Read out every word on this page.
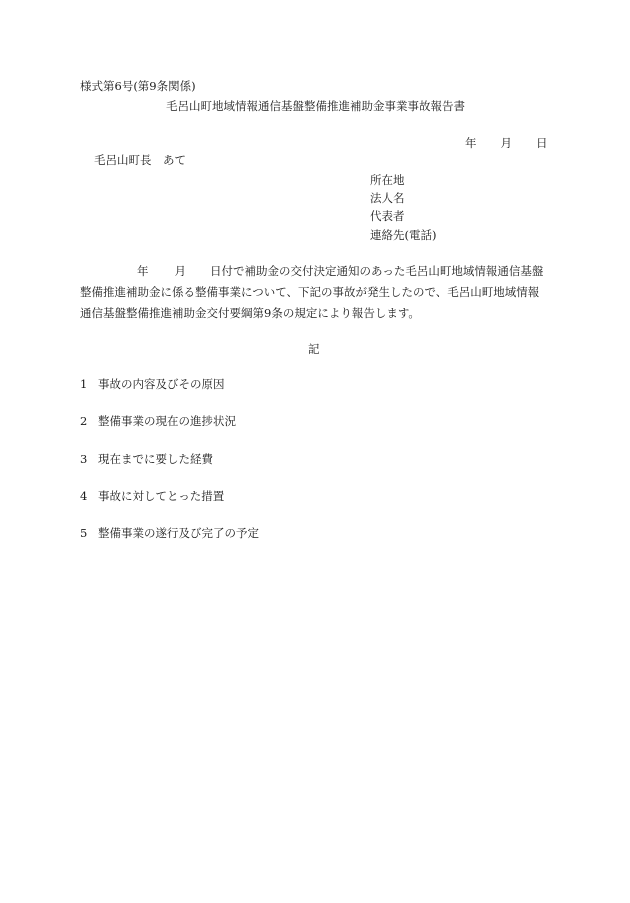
様式第6号(第9条関係)
毛呂山町地域情報通信基盤整備推進補助金事業事故報告書
年 月 日
毛呂山町長　あて
所在地
法人名
代表者
連絡先(電話)
年 月 日付で補助金の交付決定通知のあった毛呂山町地域情報通信基盤
整備推進補助金に係る整備事業について、下記の事故が発生したので、毛呂山町地域情報
通信基盤整備推進補助金交付要綱第9条の規定により報告します。
記
1 事故の内容及びその原因
2 整備事業の現在の進捗状況
3 現在までに要した経費
4 事故に対してとった措置
5 整備事業の遂行及び完了の予定
